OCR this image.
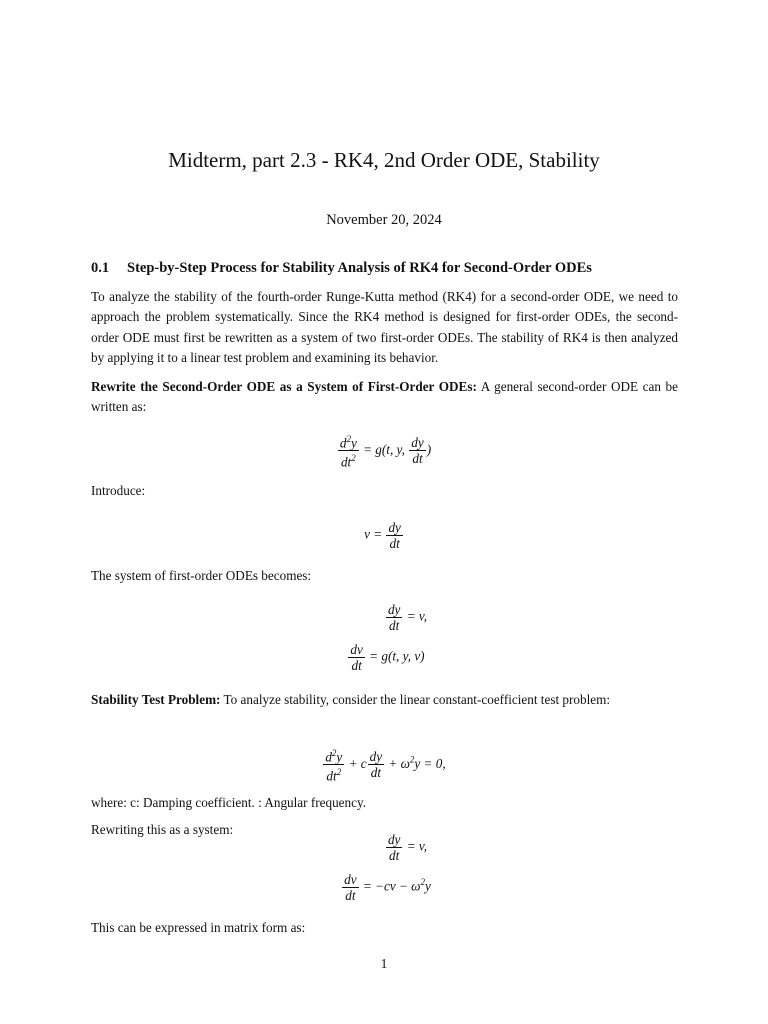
Midterm, part 2.3 - RK4, 2nd Order ODE, Stability
November 20, 2024
0.1 Step-by-Step Process for Stability Analysis of RK4 for Second-Order ODEs
To analyze the stability of the fourth-order Runge-Kutta method (RK4) for a second-order ODE, we need to approach the problem systematically. Since the RK4 method is designed for first-order ODEs, the second-order ODE must first be rewritten as a system of two first-order ODEs. The stability of RK4 is then analyzed by applying it to a linear test problem and examining its behavior.
Rewrite the Second-Order ODE as a System of First-Order ODEs: A general second-order ODE can be written as:
$\frac{d^2y}{dt^2} = g(t$, y, $\frac{dy}{dt}$ )
Introduce:
$v = \frac{dy}{dt}$
The system of first-order ODEs becomes:
$\frac{dy}{dt} = v$,
$\frac{dv}{dt} = g(t$, y, v)
Stability Test Problem: To analyze stability, consider the linear constant-coefficient test problem:
$\frac{d^2y}{dt^2} + c \frac{dy}{dt} + \omega^2y = 0$,
where: c: Damping coefficient. : Angular frequency.
Rewriting this as a system:
$\frac{dy}{dt} = v$,
$\frac{dv}{dt} = -cv - \omega^2y$
This can be expressed in matrix form as:
1
